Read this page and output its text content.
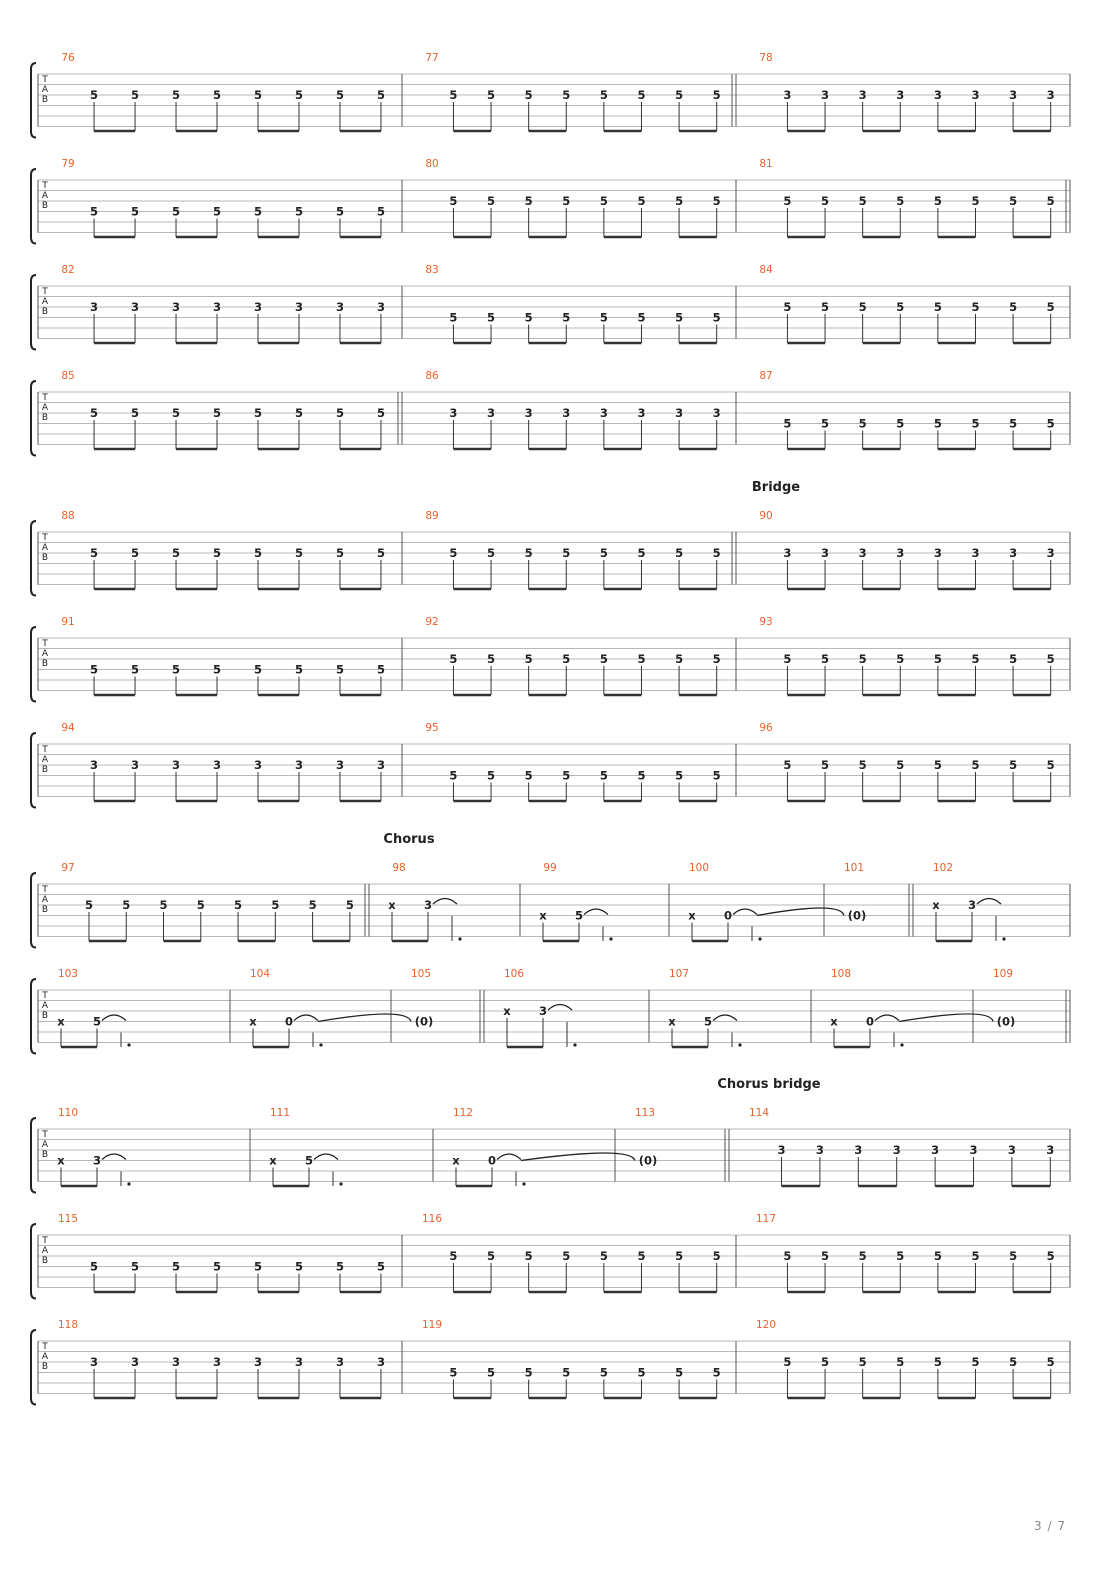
T
A
B
76
5	5	5	5	5	5	5	5
77
5	5	5	5	5	5	5	5
78
3	3	3	3	3	3	3	3
T
A
B
79
5	5	5	5	5	5	5	5
80
5	5	5	5	5	5	5	5
81
5	5	5	5	5	5	5	5
T
A
B
82
3	3	3	3	3	3	3	3
83
5	5	5	5	5	5	5	5
84
5	5	5	5	5	5	5	5
T
A
B
85
5	5	5	5	5	5	5	5
86
3	3	3	3	3	3	3	3
87
5	5	5	5	5	5	5	5
T
A
B
Bridge
88
5	5	5	5	5	5	5	5
89
5	5	5	5	5	5	5	5
90
3	3	3	3	3	3	3	3
T
A
B
91
5	5	5	5	5	5	5	5
92
5	5	5	5	5	5	5	5
93
5	5	5	5	5	5	5	5
T
A
B
94
3	3	3	3	3	3	3	3
95
5	5	5	5	5	5	5	5
96
5	5	5	5	5	5	5	5
T
A
B
Chorus
97
5	5	5	5	5	5	5	5
98
x 3
99
x 5
100
x 0
101
(0)
102
x 3
T
A
B
103
x 5
104
x 0
105
(0)
106
x 3
107
x 5
108
x 0
109
(0)
T
A
B
Chorus bridge
110
x 3
111
x 5
112
x 0
113
(0)
114
3	3	3	3	3	3	3	3
T
A
B
115
5	5	5	5	5	5	5	5
116
5	5	5	5	5	5	5	5
117
5	5	5	5	5	5	5	5
T
A
B
118
3	3	3	3	3	3	3	3
119
5	5	5	5	5	5	5	5
120
5	5	5	5	5	5	5	5
3 / 7
